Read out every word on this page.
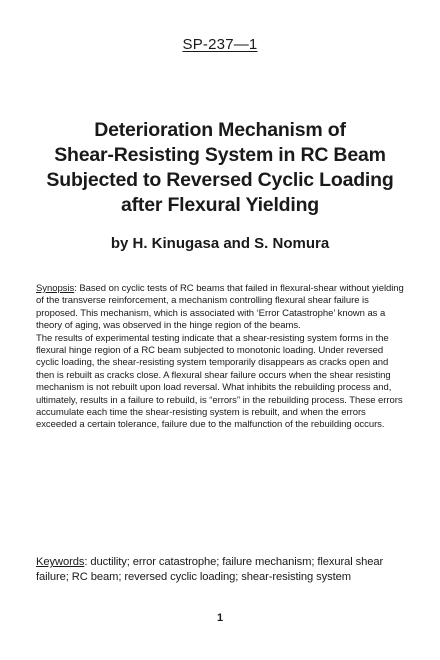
SP-237—1
Deterioration Mechanism of
Shear-Resisting System in RC Beam
Subjected to Reversed Cyclic Loading
after Flexural Yielding
by H. Kinugasa and S. Nomura

Synopsis: Based on cyclic tests of RC beams that failed in flexural-shear without yielding of the transverse reinforcement, a mechanism controlling flexural shear failure is proposed. This mechanism, which is associated with ‘Error Catastrophe’ known as a theory of aging, was observed in the hinge region of the beams.

The results of experimental testing indicate that a shear-resisting system forms in the flexural hinge region of a RC beam subjected to monotonic loading. Under reversed cyclic loading, the shear-resisting system temporarily disappears as cracks open and then is rebuilt as cracks close. A flexural shear failure occurs when the shear resisting mechanism is not rebuilt upon load reversal. What inhibits the rebuilding process and, ultimately, results in a failure to rebuild, is “errors” in the rebuilding process. These errors accumulate each time the shear-resisting system is rebuilt, and when the errors exceeded a certain tolerance, failure due to the malfunction of the rebuilding occurs.

Keywords: ductility; error catastrophe; failure mechanism; flexural shear failure; RC beam; reversed cyclic loading; shear-resisting system
1
